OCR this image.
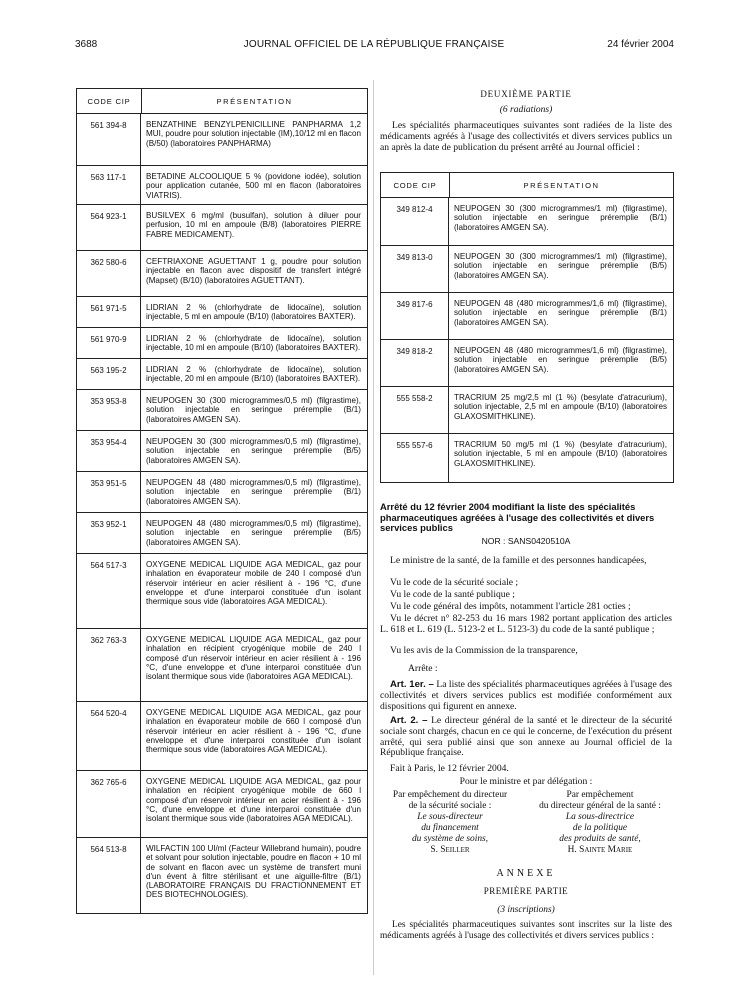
3688	JOURNAL OFFICIEL DE LA RÉPUBLIQUE FRANÇAISE	24 février 2004
CODE CIP	PRÉSENTATION
561 394-8	BENZATHINE BENZYLPENICILLINE PANPHARMA 1,2 MUI, poudre pour solution injectable (IM),10/12 ml en flacon (B/50) (laboratoires PANPHARMA)
563 117-1	BETADINE ALCOOLIQUE 5 % (povidone iodée), solution pour application cutanée, 500 ml en flacon (laboratoires VIATRIS).
564 923-1	BUSILVEX 6 mg/ml (busulfan), solution à diluer pour perfusion, 10 ml en ampoule (B/8) (laboratoires PIERRE FABRE MEDICAMENT).
362 580-6	CEFTRIAXONE AGUETTANT 1 g, poudre pour solution injectable en flacon avec dispositif de transfert intégré (Mapset) (B/10) (laboratoires AGUETTANT).
561 971-5	LIDRIAN 2 % (chlorhydrate de lidocaïne), solution injectable, 5 ml en ampoule (B/10) (laboratoires BAXTER).
561 970-9	LIDRIAN 2 % (chlorhydrate de lidocaïne), solution injectable, 10 ml en ampoule (B/10) (laboratoires BAXTER).
563 195-2	LIDRIAN 2 % (chlorhydrate de lidocaïne), solution injectable, 20 ml en ampoule (B/10) (laboratoires BAXTER).
353 953-8	NEUPOGEN 30 (300 microgrammes/0,5 ml) (filgrastime), solution injectable en seringue préremplie (B/1) (laboratoires AMGEN SA).
353 954-4	NEUPOGEN 30 (300 microgrammes/0,5 ml) (filgrastime), solution injectable en seringue préremplie (B/5) (laboratoires AMGEN SA).
353 951-5	NEUPOGEN 48 (480 microgrammes/0,5 ml) (filgrastime), solution injectable en seringue préremplie (B/1) (laboratoires AMGEN SA).
353 952-1	NEUPOGEN 48 (480 microgrammes/0,5 ml) (filgrastime), solution injectable en seringue préremplie (B/5) (laboratoires AMGEN SA).
564 517-3	OXYGENE MEDICAL LIQUIDE AGA MEDICAL, gaz pour inhalation en évaporateur mobile de 240 l composé d'un réservoir intérieur en acier résilient à - 196 °C, d'une enveloppe et d'une interparoi constituée d'un isolant thermique sous vide (laboratoires AGA MEDICAL).
362 763-3	OXYGENE MEDICAL LIQUIDE AGA MEDICAL, gaz pour inhalation en récipient cryogénique mobile de 240 l composé d'un réservoir intérieur en acier résilient à - 196 °C, d'une enveloppe et d'une interparoi constituée d'un isolant thermique sous vide (laboratoires AGA MEDICAL).
564 520-4	OXYGENE MEDICAL LIQUIDE AGA MEDICAL, gaz pour inhalation en évaporateur mobile de 660 l composé d'un réservoir intérieur en acier résilient à - 196 °C, d'une enveloppe et d'une interparoi constituée d'un isolant thermique sous vide (laboratoires AGA MEDICAL).
362 765-6	OXYGENE MEDICAL LIQUIDE AGA MEDICAL, gaz pour inhalation en récipient cryogénique mobile de 660 l composé d'un réservoir intérieur en acier résilient à - 196 °C, d'une enveloppe et d'une interparoi constituée d'un isolant thermique sous vide (laboratoires AGA MEDICAL).
564 513-8	WILFACTIN 100 UI/ml (Facteur Willebrand humain), poudre et solvant pour solution injectable, poudre en flacon + 10 ml de solvant en flacon avec un système de transfert muni d'un évent à filtre stérilisant et une aiguille-filtre (B/1) (LABORATOIRE FRANÇAIS DU FRACTIONNEMENT ET DES BIOTECHNOLOGIES).
DEUXIÈME PARTIE
(6 radiations)
Les spécialités pharmaceutiques suivantes sont radiées de la liste des médicaments agréés à l'usage des collectivités et divers services publics un an après la date de publication du présent arrêté au Journal officiel :
CODE CIP	PRÉSENTATION
349 812-4	NEUPOGEN 30 (300 microgrammes/1 ml) (filgrastime), solution injectable en seringue préremplie (B/1) (laboratoires AMGEN SA).
349 813-0	NEUPOGEN 30 (300 microgrammes/1 ml) (filgrastime), solution injectable en seringue préremplie (B/5) (laboratoires AMGEN SA).
349 817-6	NEUPOGEN 48 (480 microgrammes/1,6 ml) (filgrastime), solution injectable en seringue préremplie (B/1) (laboratoires AMGEN SA).
349 818-2	NEUPOGEN 48 (480 microgrammes/1,6 ml) (filgrastime), solution injectable en seringue préremplie (B/5) (laboratoires AMGEN SA).
555 558-2	TRACRIUM 25 mg/2,5 ml (1 %) (besylate d'atracurium), solution injectable, 2,5 ml en ampoule (B/10) (laboratoires GLAXOSMITHKLINE).
555 557-6	TRACRIUM 50 mg/5 ml (1 %) (besylate d'atracurium), solution injectable, 5 ml en ampoule (B/10) (laboratoires GLAXOSMITHKLINE).
Arrêté du 12 février 2004 modifiant la liste des spécialités pharmaceutiques agréées à l'usage des collectivités et divers services publics
NOR : SANS0420510A
Le ministre de la santé, de la famille et des personnes handicapées,
Vu le code de la sécurité sociale ;
Vu le code de la santé publique ;
Vu le code général des impôts, notamment l'article 281 octies ;
Vu le décret n° 82-253 du 16 mars 1982 portant application des articles L. 618 et L. 619 (L. 5123-2 et L. 5123-3) du code de la santé publique ;
Vu les avis de la Commission de la transparence,
Arrête :
Art. 1er. – La liste des spécialités pharmaceutiques agréées à l'usage des collectivités et divers services publics est modifiée conformément aux dispositions qui figurent en annexe.
Art. 2. – Le directeur général de la santé et le directeur de la sécurité sociale sont chargés, chacun en ce qui le concerne, de l'exécution du présent arrêté, qui sera publié ainsi que son annexe au Journal officiel de la République française.
Fait à Paris, le 12 février 2004.
Pour le ministre et par délégation :
Par empêchement du directeur
de la sécurité sociale :
Le sous-directeur
du financement
du système de soins,
S. Seiller
Par empêchement
du directeur général de la santé :
La sous-directrice
de la politique
des produits de santé,
H. Sainte Marie
ANNEXE
PREMIÈRE PARTIE
(3 inscriptions)
Les spécialités pharmaceutiques suivantes sont inscrites sur la liste des médicaments agréés à l'usage des collectivités et divers services publics :
